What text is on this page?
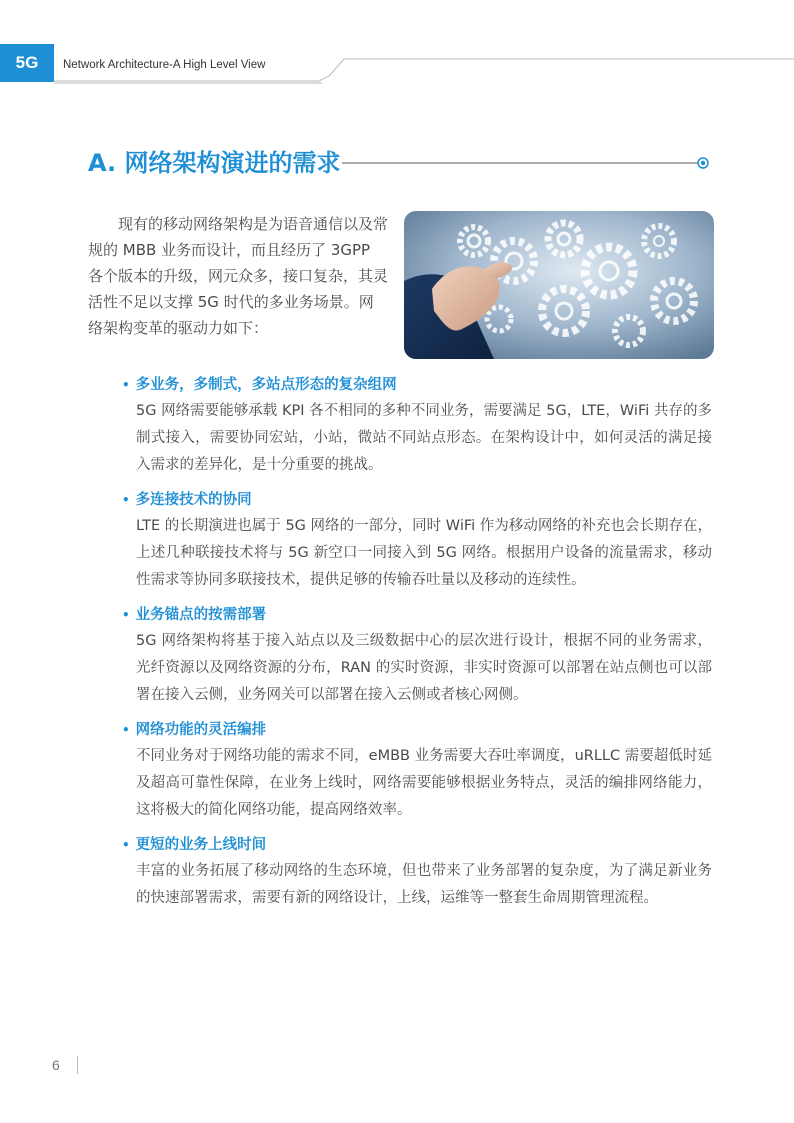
5G	Network Architecture-A High Level View
A. 网络架构演进的需求
现有的移动网络架构是为语音通信以及常规的 MBB 业务而设计，而且经历了 3GPP 各个版本的升级，网元众多，接口复杂，其灵活性不足以支撑 5G 时代的多业务场景。网络架构变革的驱动力如下：
• 多业务，多制式，多站点形态的复杂组网
5G 网络需要能够承载 KPI 各不相同的多种不同业务，需要满足 5G，LTE，WiFi 共存的多制式接入，需要协同宏站，小站，微站不同站点形态。在架构设计中，如何灵活的满足接入需求的差异化，是十分重要的挑战。
• 多连接技术的协同
LTE 的长期演进也属于 5G 网络的一部分，同时 WiFi 作为移动网络的补充也会长期存在，上述几种联接技术将与 5G 新空口一同接入到 5G 网络。根据用户设备的流量需求，移动性需求等协同多联接技术，提供足够的传输吞吐量以及移动的连续性。
• 业务锚点的按需部署
5G 网络架构将基于接入站点以及三级数据中心的层次进行设计，根据不同的业务需求，光纤资源以及网络资源的分布，RAN 的实时资源，非实时资源可以部署在站点侧也可以部署在接入云侧，业务网关可以部署在接入云侧或者核心网侧。
• 网络功能的灵活编排
不同业务对于网络功能的需求不同，eMBB 业务需要大吞吐率调度，uRLLC 需要超低时延及超高可靠性保障，在业务上线时，网络需要能够根据业务特点，灵活的编排网络能力，这将极大的简化网络功能，提高网络效率。
• 更短的业务上线时间
丰富的业务拓展了移动网络的生态环境，但也带来了业务部署的复杂度，为了满足新业务的快速部署需求，需要有新的网络设计，上线，运维等一整套生命周期管理流程。
6
